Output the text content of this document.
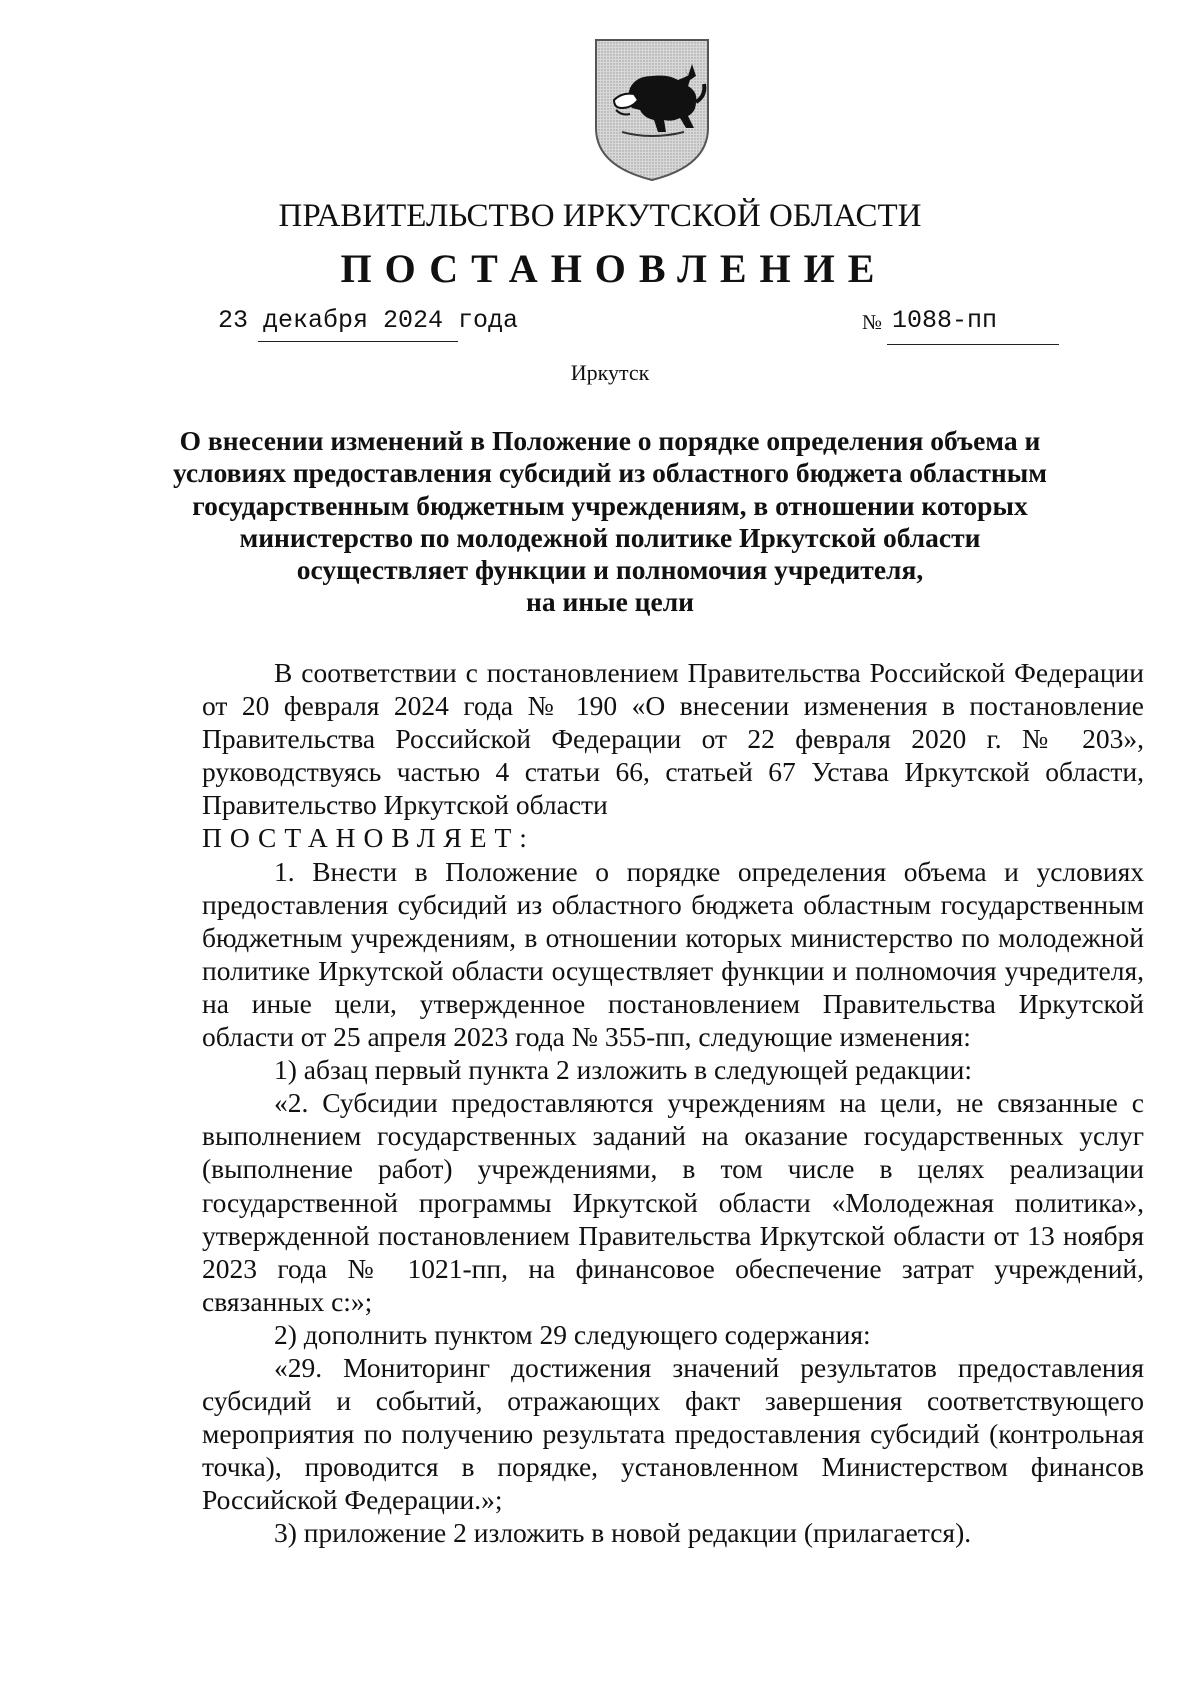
ПРАВИТЕЛЬСТВО ИРКУТСКОЙ ОБЛАСТИ
ПОСТАНОВЛЕНИЕ
23 декабря 2024 года	№ 1088-пп
Иркутск
О внесении изменений в Положение о порядке определения объема и
условиях предоставления субсидий из областного бюджета областным
государственным бюджетным учреждениям, в отношении которых
министерство по молодежной политике Иркутской области
осуществляет функции и полномочия учредителя,
на иные цели

В соответствии с постановлением Правительства Российской Федерации от 20 февраля 2024 года № 190 «О внесении изменения в постановление Правительства Российской Федерации от 22 февраля 2020 г. № 203», руководствуясь частью 4 статьи 66, статьей 67 Устава Иркутской области, Правительство Иркутской области

ПОСТАНОВЛЯЕТ:

1. Внести в Положение о порядке определения объема и условиях предоставления субсидий из областного бюджета областным государственным бюджетным учреждениям, в отношении которых министерство по молодежной политике Иркутской области осуществляет функции и полномочия учредителя, на иные цели, утвержденное постановлением Правительства Иркутской области от 25 апреля 2023 года № 355-пп, следующие изменения:

1) абзац первый пункта 2 изложить в следующей редакции:

«2. Субсидии предоставляются учреждениям на цели, не связанные с выполнением государственных заданий на оказание государственных услуг (выполнение работ) учреждениями, в том числе в целях реализации государственной программы Иркутской области «Молодежная политика», утвержденной постановлением Правительства Иркутской области от 13 ноября 2023 года № 1021-пп, на финансовое обеспечение затрат учреждений, связанных с:»;

2) дополнить пунктом 29 следующего содержания:

«29. Мониторинг достижения значений результатов предоставления субсидий и событий, отражающих факт завершения соответствующего мероприятия по получению результата предоставления субсидий (контрольная точка), проводится в порядке, установленном Министерством финансов Российской Федерации.»;

3) приложение 2 изложить в новой редакции (прилагается).
